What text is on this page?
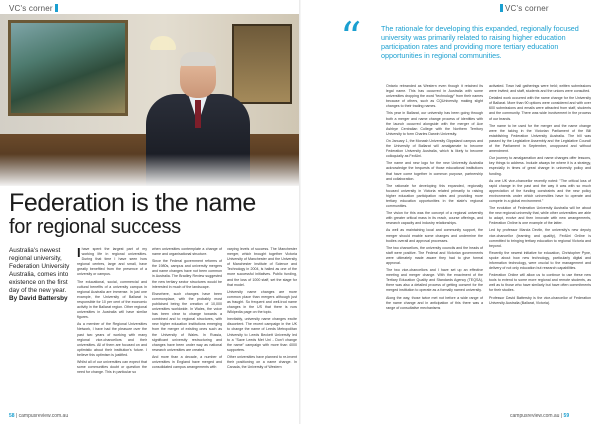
VC's corner	VC's corner
Federation is the name
for regional success
Australia's newest regional university, Federation University Australia, comes into existence on the first day of the new year. By David Battersby

I have spent the largest part of my working life in regional universities. During that time I have seen how regional centres, large and small, have greatly benefited from the presence of a university or campus.

The educational, social, commercial and cultural benefits of a university campus in regional Australia are immense. In just one example, the University of Ballarat is responsible for 10 per cent of the economic activity in the Ballarat region. Other regional universities in Australia will have similar figures.

As a member of the Regional Universities Network, I have had the pleasure over the past two years of working with many regional vice-chancellors and their universities. All of them are focused on and optimistic about their institution's future. I believe this optimism is justified.

Whilst all of our universities can expect that some communities doubt or question the need for change. This in particular so

when universities contemplate a change of name and organisational structure.

Since the Federal government reforms of the 1980s, campus and university mergers and name changes have not been common in Australia. The Bradley Review suggested the new tertiary sector structures would be interested in much of the landscape.

Elsewhere, such changes have been commonplace, with the probably most publicised being the creation of 10,000 universities worldwide. In Wales, the voice has been clear to change towards a combined and to regional structures, with new higher education institutions emerging from the merger of existing ones such as the University of Wales. In Russia, significant university restructuring and changes have been under way as national research universities are created.

And more than a decade, a number of universities in England have merged and consolidated campus arrangements with

varying levels of success. The Manchester merger, which brought together Victoria University of Manchester and the University of Manchester Institute of Science and Technology in 2004, is hailed as one of the more successful initiatives. Public funding, and the loss of 1000 staff, set the stage for that model.

University name changes are more common place than mergers although just as fraught. So frequent and well-trod name changes in the US that there is now Wikipedia page on the topic.

Inevitably, university name changes excite discontent. The recent campaign in the UK to change the name of Leeds Metropolitan University to Leeds Beckett University led to a "Save Leeds Met Uni - Don't change the name" campaign with more than 4000 supporters.

Other universities have planned to re-invent their positioning on a name change. In Canada, the University of Western

“	The rationale for developing this expanded, regionally focused university was primarily related to raising higher education participation rates and providing more tertiary education opportunities in regional communities.

Ontario rebranded as Western even though it retained its legal name. This has occurred in Australia with some universities dropping the word "technology" from their names because of others, such as CQUniversity, making slight changes to their trading names.

This year in Ballarat, our university has been going through both a merger and name change process of identities with the launch occurred alongside with the merger of Ace Ashbye Centralian College with the Northern Territory University to form Charles Darwin University.

On January 1, the Monash University Gippsland campus and the University of Ballarat will amalgamate to become Federation University Australia, which is likely to become colloquially as FedUni.

The name and new logo for the new University Australia acknowledge the bequests of those educational institutions that have come together in common purpose, partnership and collaboration.

The rationale for developing this expanded, regionally focused university in Victoria related primarily to raising higher education participation rates and providing more tertiary education opportunities in the state's regional communities.

The vision for this was the concept of a regional university with greater critical mass in its reach, course offerings, and research capacity and industry relationships.

As well as maintaining local and community support, the merger should enable some changes and undermine the bodies overall and approval processes.

The two chancellors, the university councils and the heads of staff were positive. The Federal and Victorian governments were ultimately made aware they had to give formal approval.

The two vice-chancellors and I have set up an effective meeting and merger change. With the enactment of the Tertiary Education Quality and Standards Agency (TEQSA), there was also a detailed process of getting consent for the merged institution to operate as a formally named university.

Along the way, those twice met not before a wide range of the name change and in anticipation of this there was a range of consultative mechanisms

activated. Town hall gatherings were held; written submissions were invited; and staff, students and the unions were consulted.

Detailed work occurred with the name change for the University of Ballarat. More than 90 options were considered and with over 600 submissions and emails were attracted from staff, students and the community. There was wide involvement in the process of our brands.

The name to be used for the merger and the name change were the taking in the Victorian Parliament of the Bill establishing Federation University Australia. The bill was passed by the Legislative Assembly and the Legislative Council of the Parliament in September, unopposed and without amendment.

Our journey to amalgamation and name changes offer lessons, key things to address. Include always be where it is a strategy, especially in times of great change in university policy and funding.

As one UK vice-chancellor recently noted: "The critical loss of rapid change in the past and the way it was with so much appreciation of the funding constraints and the new policy environments under which universities have to operate and compete in a global environment."

The evolution of Federation University Australia will be about the new regional university that, while other universities are able to adapt, evolve and then innovate with new arrangements, Federation Online is one example of the latter.

Led by professor Marcia Devlin, the university's new deputy vice-chancellor (learning and quality), FedUni Online is committed to bringing tertiary education to regional Victoria and beyond.

Recently the newest initiative for education, Christopher Pyne, spoke about how new technology, particularly digital and information technology, were crucial to the management and delivery of not only education but research capabilities.

Federation Online will allow us to continue to use these new tools to extend to some more regional and remote students, as well as to those who have similarly but have often commitments for their studies.

Professor David Battersby is the vice-chancellor of Federation University Australia (Ballarat, Victoria).

58 | campusreview.com.au	campusreview.com.au | 59
